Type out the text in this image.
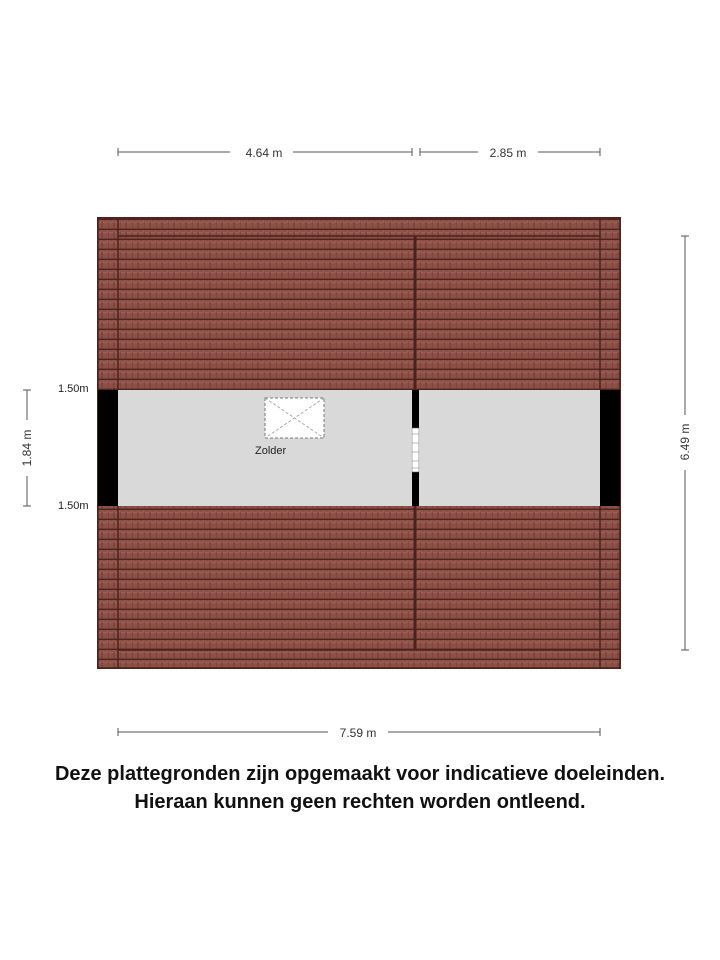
Zolder
1.50m
1.50m
4.64 m	2.85 m
7.59 m
1.84 m	6.49 m
Deze plattegronden zijn opgemaakt voor indicatieve doeleinden.
Hieraan kunnen geen rechten worden ontleend.
